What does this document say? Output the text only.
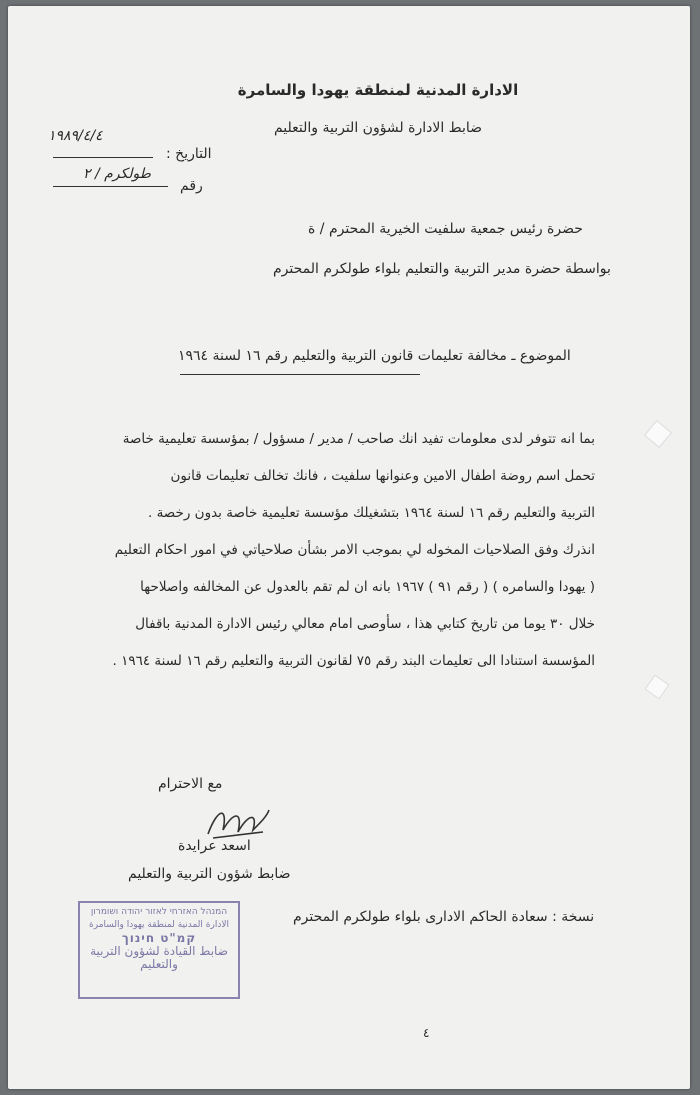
الادارة المدنية لمنطقة يهودا والسامرة
ضابط الادارة لشؤون التربية والتعليم
١٩٨٩/٤/٤
التاريخ :
طولكرم / ٢
رقم
حضرة رئيس جمعية سلفيت الخيرية المحترم / ة
بواسطة حضرة مدير التربية والتعليم بلواء طولكرم المحترم
الموضوع ـ مخالفة تعليمات قانون التربية والتعليم رقم ١٦ لسنة ١٩٦٤
بما انه تتوفر لدى معلومات تفيد انك صاحب / مدير / مسؤول / بمؤسسة تعليمية خاصة
تحمل اسم روضة اطفال الامين وعنوانها سلفيت ، فانك تخالف تعليمات قانون
التربية والتعليم رقم ١٦ لسنة ١٩٦٤ بتشغيلك مؤسسة تعليمية خاصة بدون رخصة .
انذرك وفق الصلاحيات المخوله لي بموجب الامر بشأن صلاحياتي في امور احكام التعليم
( يهودا والسامره ) ( رقم ٩١ ) ١٩٦٧ بانه ان لم تقم بالعدول عن المخالفه واصلاحها
خلال ٣٠ يوما من تاريخ كتابي هذا ، سأوصى امام معالي رئيس الادارة المدنية باقفال
المؤسسة استنادا الى تعليمات البند رقم ٧٥ لقانون التربية والتعليم رقم ١٦ لسنة ١٩٦٤ .
مع الاحترام
اسعد عرايدة
ضابط شؤون التربية والتعليم
نسخة : سعادة الحاكم الادارى بلواء طولكرم المحترم
המנהל האזרחי לאזור יהודה ושומרון
الادارة المدنية لمنطقة يهودا والسامرة
קמ"ט חינוך
ضابط القيادة لشؤون التربية
والتعليم
٤
